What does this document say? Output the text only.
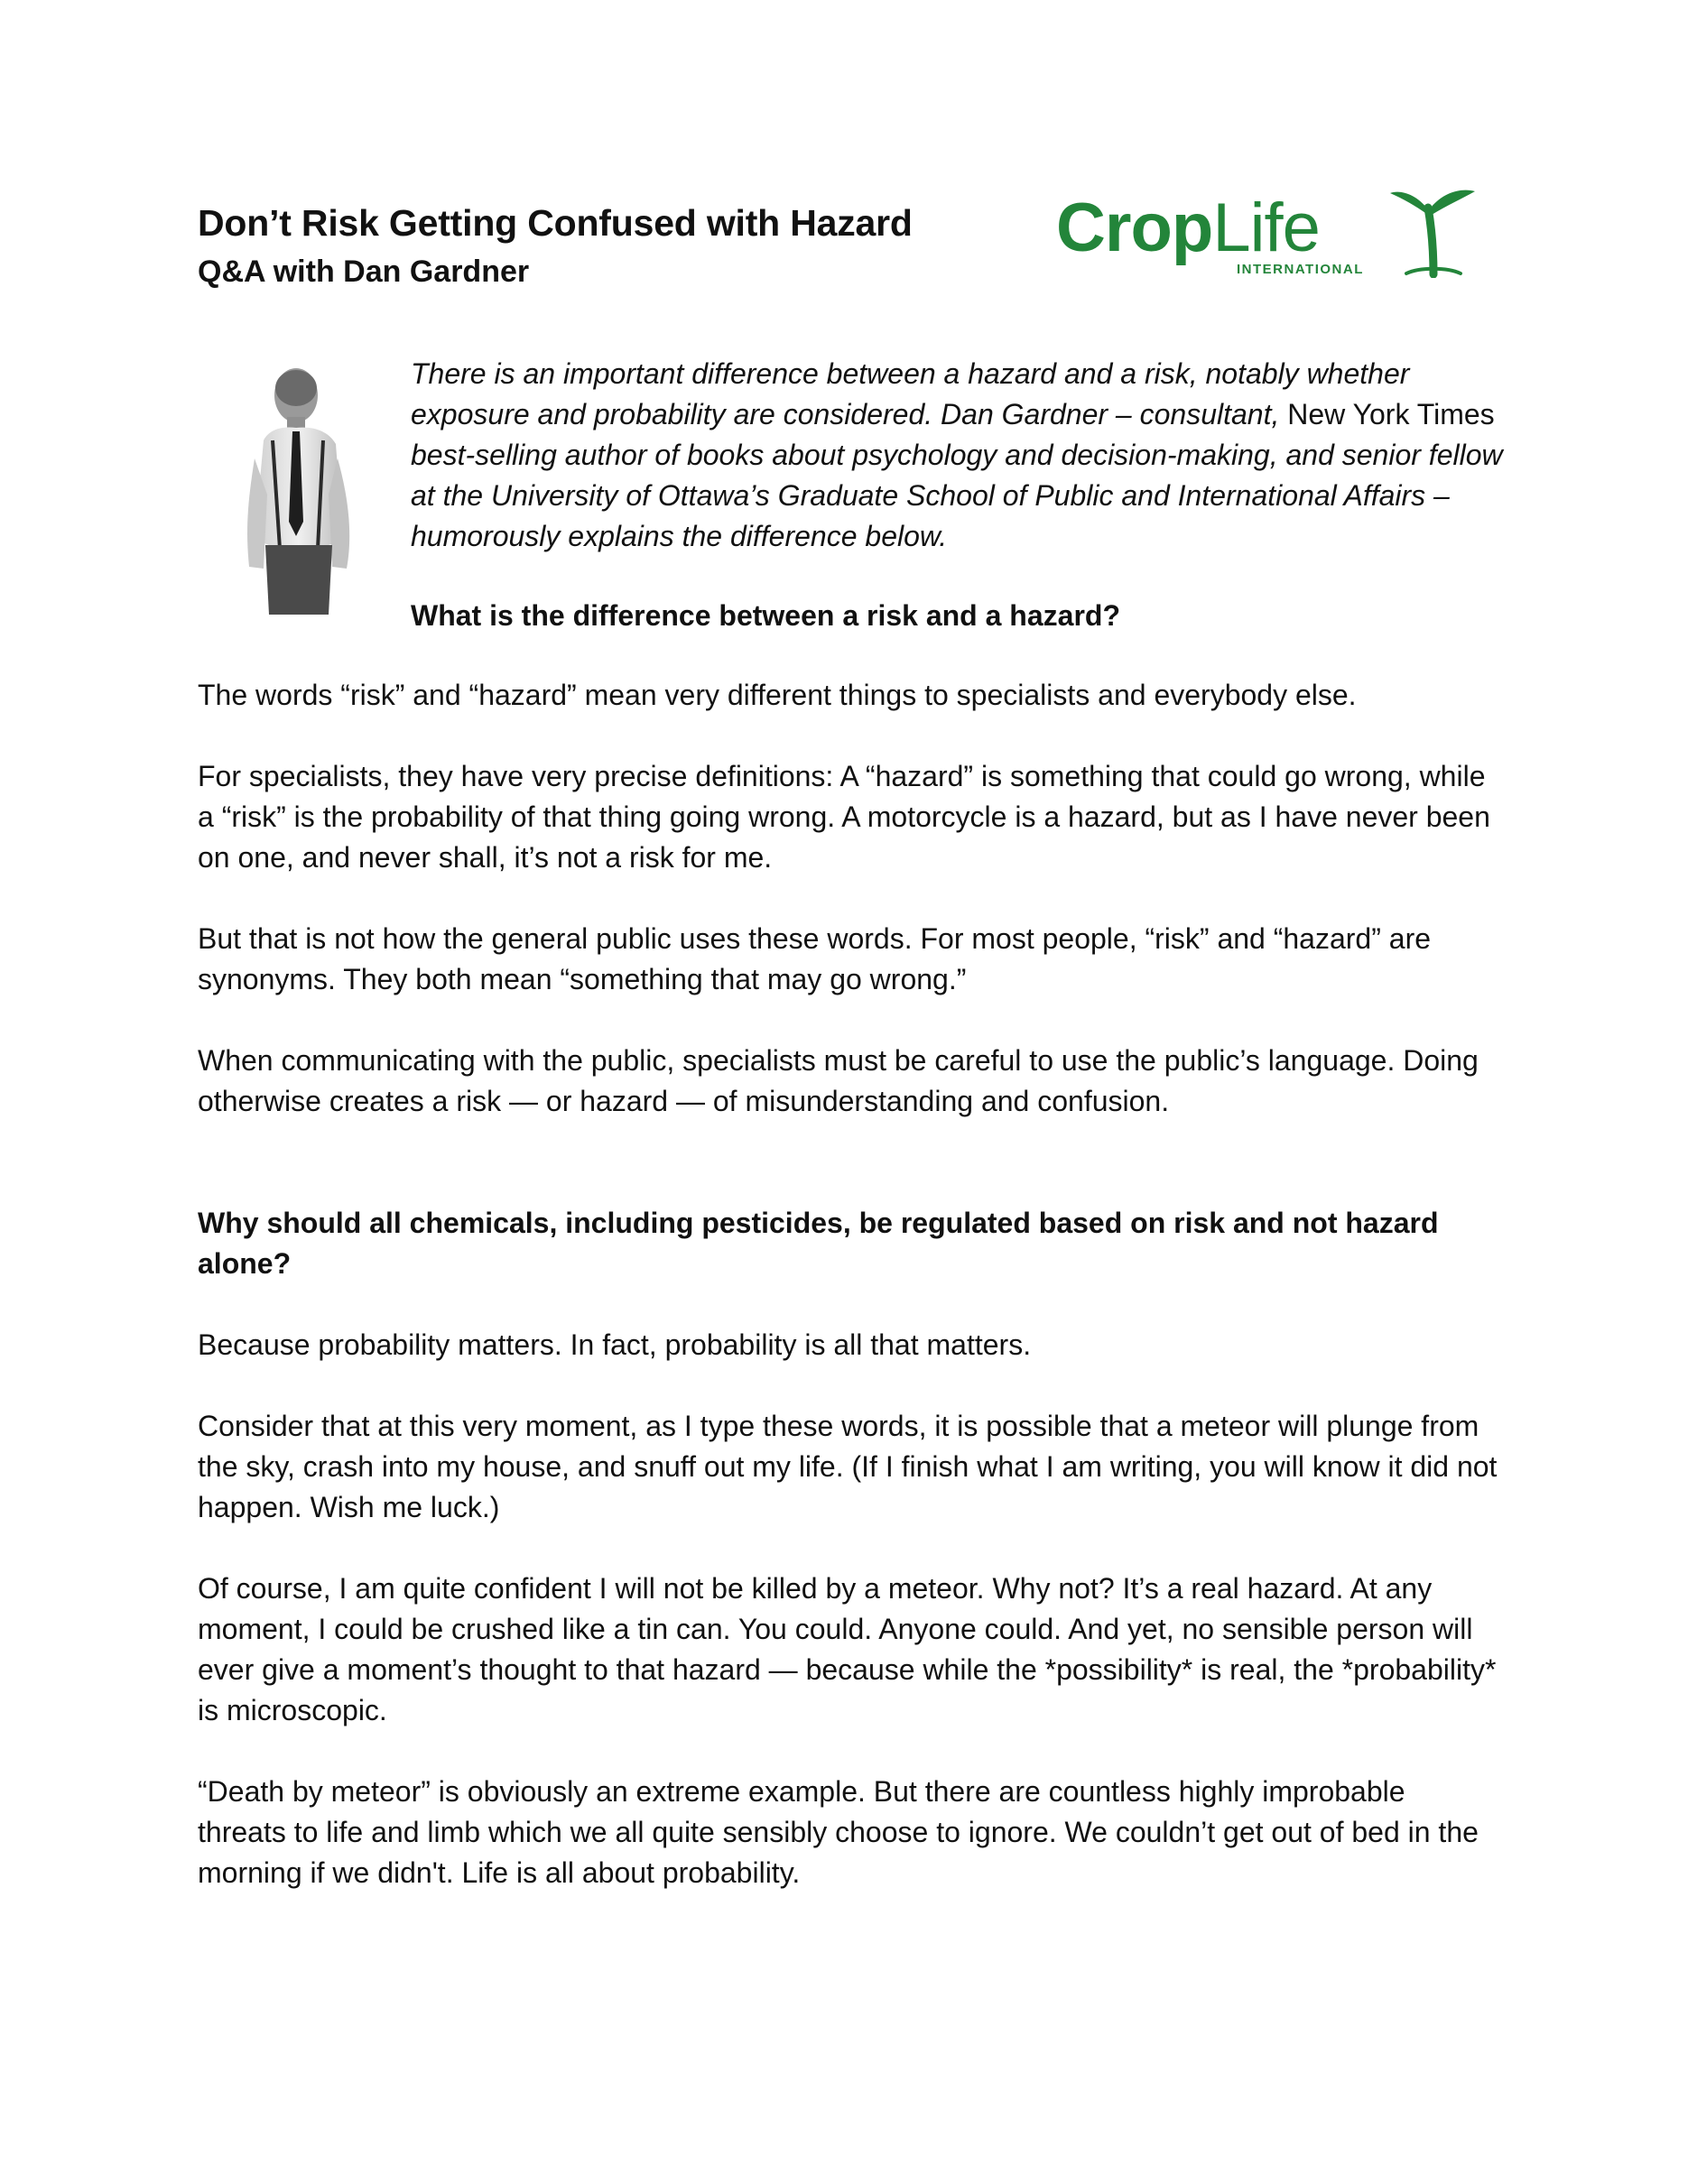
Don’t Risk Getting Confused with Hazard
Q&A with Dan Gardner
CropLife
INTERNATIONAL

There is an important difference between a hazard and a risk, notably whether exposure and probability are considered. Dan Gardner – consultant, New York Times best-selling author of books about psychology and decision-making, and senior fellow at the University of Ottawa’s Graduate School of Public and International Affairs – humorously explains the difference below.

What is the difference between a risk and a hazard?

The words “risk” and “hazard” mean very different things to specialists and everybody else.

For specialists, they have very precise definitions: A “hazard” is something that could go wrong, while a “risk” is the probability of that thing going wrong. A motorcycle is a hazard, but as I have never been on one, and never shall, it’s not a risk for me.

But that is not how the general public uses these words. For most people, “risk” and “hazard” are synonyms. They both mean “something that may go wrong.”

When communicating with the public, specialists must be careful to use the public’s language. Doing otherwise creates a risk — or hazard — of misunderstanding and confusion.

Why should all chemicals, including pesticides, be regulated based on risk and not hazard alone?

Because probability matters. In fact, probability is all that matters.

Consider that at this very moment, as I type these words, it is possible that a meteor will plunge from the sky, crash into my house, and snuff out my life. (If I finish what I am writing, you will know it did not happen. Wish me luck.)

Of course, I am quite confident I will not be killed by a meteor. Why not? It’s a real hazard. At any moment, I could be crushed like a tin can. You could. Anyone could. And yet, no sensible person will ever give a moment’s thought to that hazard — because while the *possibility* is real, the *probability* is microscopic.

“Death by meteor” is obviously an extreme example. But there are countless highly improbable threats to life and limb which we all quite sensibly choose to ignore. We couldn’t get out of bed in the morning if we didn't. Life is all about probability.
